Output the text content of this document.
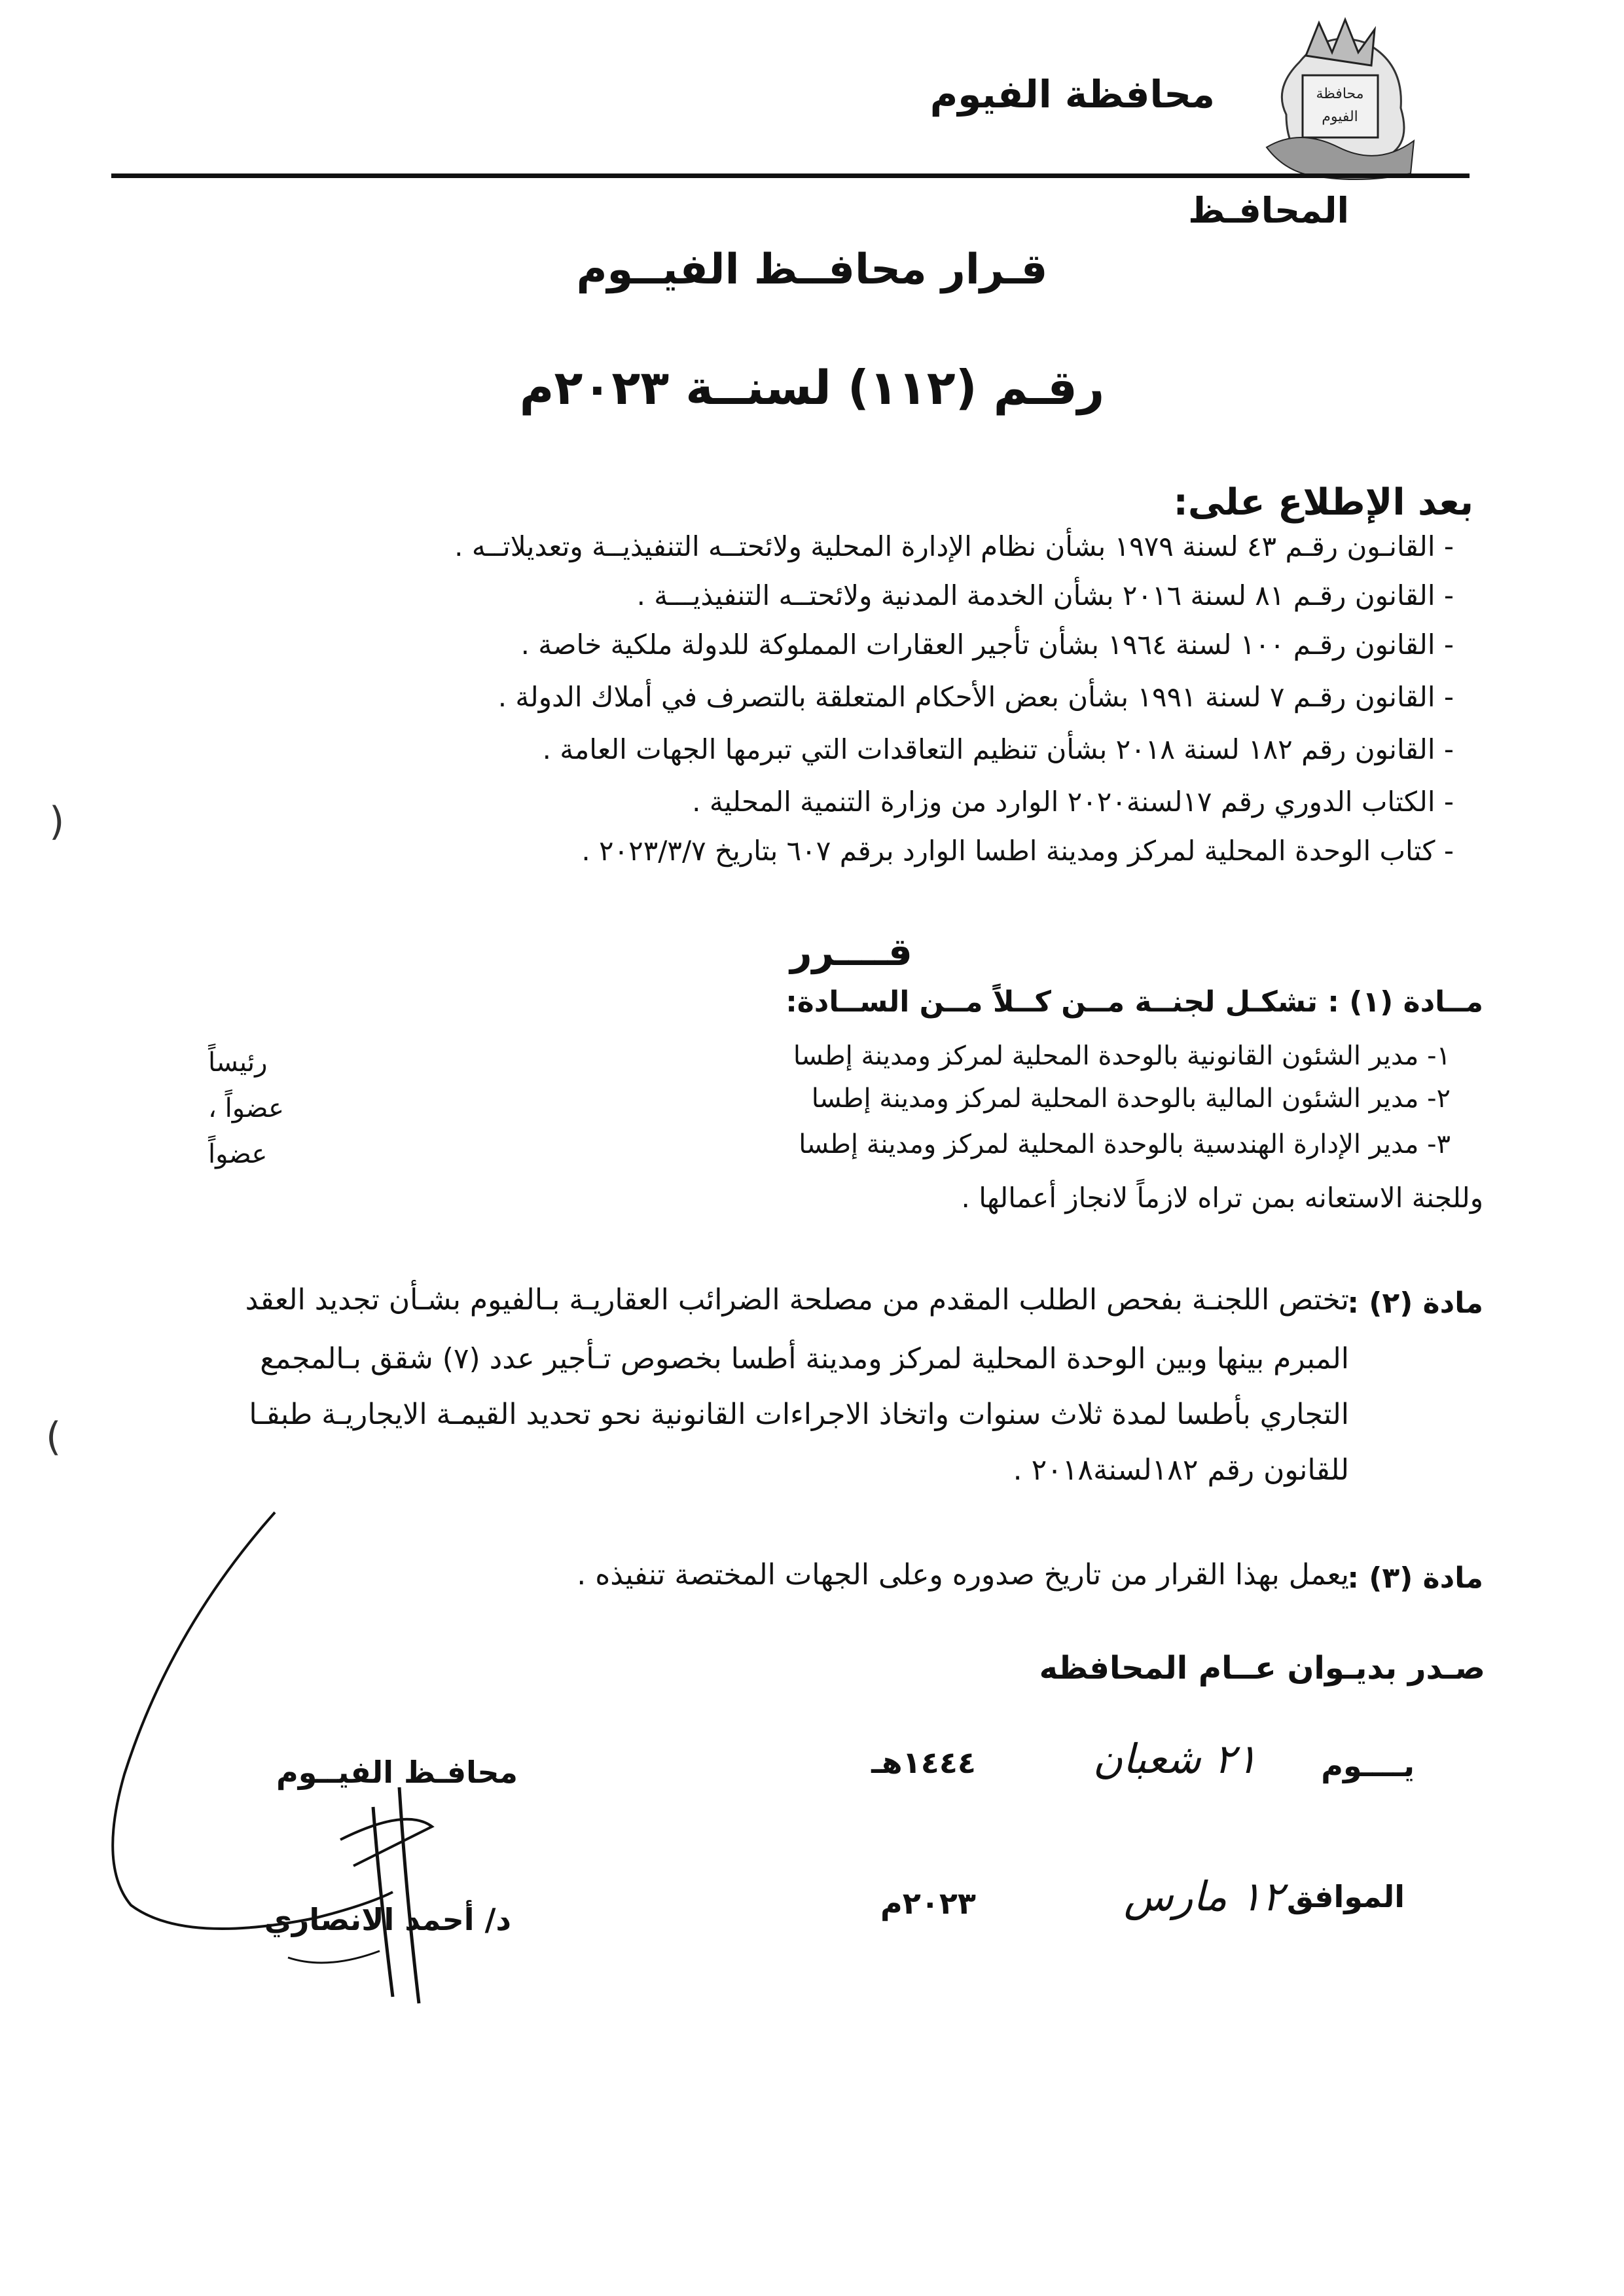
محافظة
الفيوم
محافظة الفيوم
المحافـظ
قـرار محافــظ الفيــوم
رقـم (١١٢) لسنــة ٢٠٢٣م
بعد الإطلاع على:
- القانـون رقـم ٤٣ لسنة ١٩٧٩ بشأن نظام الإدارة المحلية ولائحتــه التنفيذيــة وتعديلاتــه .
- القانون رقـم ٨١ لسنة ٢٠١٦ بشأن الخدمة المدنية ولائحتــه التنفيذيـــة .
- القانون رقـم ١٠٠ لسنة ١٩٦٤ بشأن تأجير العقارات المملوكة للدولة ملكية خاصة .
- القانون رقـم ٧ لسنة ١٩٩١ بشأن بعض الأحكام المتعلقة بالتصرف في أملاك الدولة .
- القانون رقم ١٨٢ لسنة ٢٠١٨ بشأن تنظيم التعاقدات التي تبرمها الجهات العامة .
- الكتاب الدوري رقم ١٧لسنة٢٠٢٠ الوارد من وزارة التنمية المحلية .
- كتاب الوحدة المحلية لمركز ومدينة اطسا الوارد برقم ٦٠٧ بتاريخ ٢٠٢٣/٣/٧ .
قــــرر
مــادة (١) : تشكـل لجنــة مــن كــلاً مــن الســادة:
١- مدير الشئون القانونية بالوحدة المحلية لمركز ومدينة إطسا
رئيساً
٢- مدير الشئون المالية بالوحدة المحلية لمركز ومدينة إطسا
عضواً ،
٣- مدير الإدارة الهندسية بالوحدة المحلية لمركز ومدينة إطسا
عضواً
وللجنة الاستعانه بمن تراه لازماً لانجاز أعمالها .
مادة (٢) :
تختص اللجنـة بفحص الطلب المقدم من مصلحة الضرائب العقاريـة بـالفيوم بشـأن تجديد العقد
المبرم بينها وبين الوحدة المحلية لمركز ومدينة أطسا بخصوص تـأجير عدد (٧) شقق بـالمجمع
التجاري بأطسا لمدة ثلاث سنوات واتخاذ الاجراءات القانونية نحو تحديد القيمـة الايجاريـة طبقـا
للقانون رقم ١٨٢لسنة٢٠١٨ .
مادة (٣) :
يعمل بهذا القرار من تاريخ صدوره وعلى الجهات المختصة تنفيذه .
صـدر بديـوان عــام المحافظه
يــــوم
٢١ شعبان
١٤٤٤هـ
الموافق
١٢ مارس
٢٠٢٣م
محافـظ الفيــوم
د/ أحمد الانصاري
)
(
